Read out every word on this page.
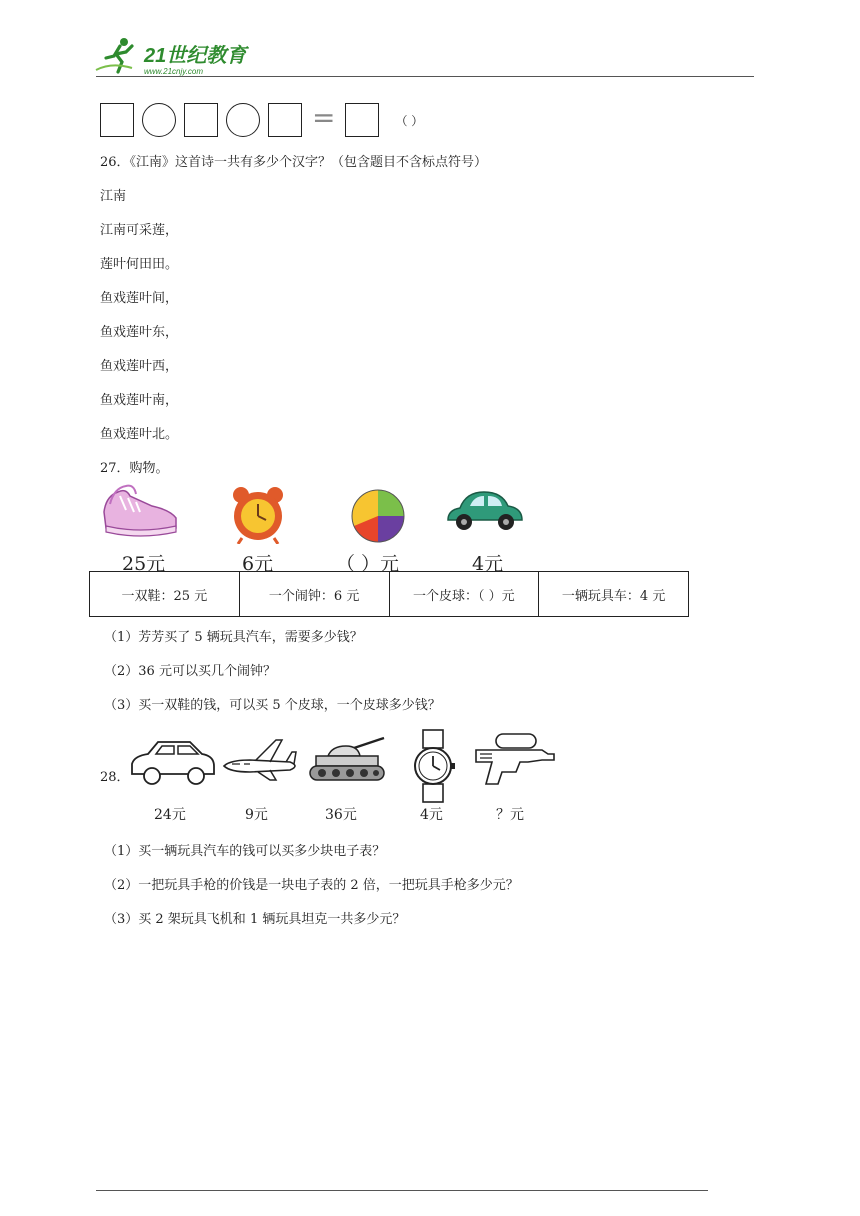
21世纪教育
www.21cnjy.com
=	（ ）
26．《江南》这首诗一共有多少个汉字？（包含题目不含标点符号）
江南
江南可采莲，
莲叶何田田。
鱼戏莲叶间，
鱼戏莲叶东，
鱼戏莲叶西，
鱼戏莲叶南，
鱼戏莲叶北。
27．购物。
25元	6元	（ ）元	4元
一双鞋：25 元	一个闹钟：6 元	一个皮球：（ ）元	一辆玩具车：4 元
（1）芳芳买了 5 辆玩具汽车，需要多少钱？
（2）36 元可以买几个闹钟？
（3）买一双鞋的钱，可以买 5 个皮球，一个皮球多少钱？
28．
24元	9元	36元	4元	？元
（1）买一辆玩具汽车的钱可以买多少块电子表？
（2）一把玩具手枪的价钱是一块电子表的 2 倍，一把玩具手枪多少元？
（3）买 2 架玩具飞机和 1 辆玩具坦克一共多少元？
